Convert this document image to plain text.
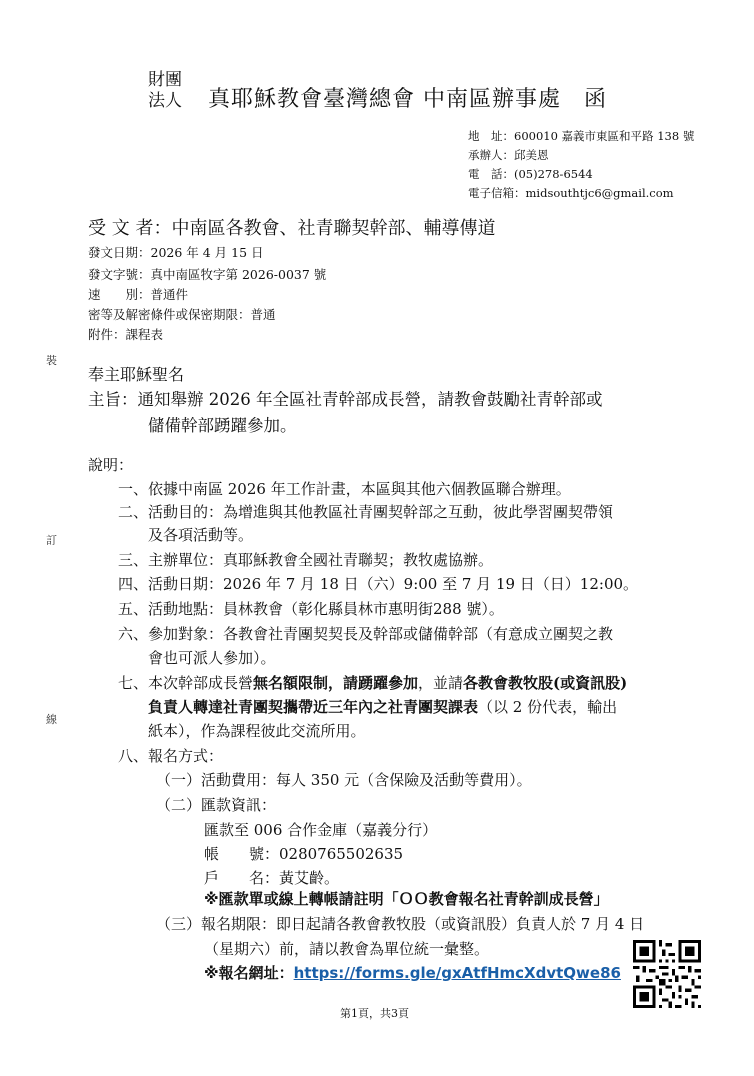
財團
法人 真耶穌教會臺灣總會 中南區辦事處　函
地　址：600010 嘉義市東區和平路 138 號
承辦人：邱美恩
電　話：(05)278-6544
電子信箱：midsouthtjc6@gmail.com
受 文 者：中南區各教會、社青聯契幹部、輔導傳道
發文日期：2026 年 4 月 15 日
發文字號：真中南區牧字第 2026-0037 號
速　　別：普通件
密等及解密條件或保密期限：普通
附件：課程表
裝
訂
線
奉主耶穌聖名
主旨：通知舉辦 2026 年全區社青幹部成長營，請教會鼓勵社青幹部或
儲備幹部踴躍參加。
說明：
一、依據中南區 2026 年工作計畫，本區與其他六個教區聯合辦理。
二、活動目的：為增進與其他教區社青團契幹部之互動，彼此學習團契帶領
及各項活動等。
三、主辦單位：真耶穌教會全國社青聯契；教牧處協辦。
四、活動日期：2026 年 7 月 18 日（六）9:00 至 7 月 19 日（日）12:00。
五、活動地點：員林教會（彰化縣員林市惠明街288 號）。
六、參加對象：各教會社青團契契長及幹部或儲備幹部（有意成立團契之教
會也可派人參加）。
七、本次幹部成長營無名額限制，請踴躍參加，並請各教會教牧股(或資訊股)
負責人轉達社青團契攜帶近三年內之社青團契課表（以 2 份代表，輸出
紙本），作為課程彼此交流所用。
八、報名方式：
（一）活動費用：每人 350 元（含保險及活動等費用）。
（二）匯款資訊：
匯款至 006 合作金庫（嘉義分行）
帳　　號：0280765502635
戶　　名：黃艾齡。
※匯款單或線上轉帳請註明「ＯＯ教會報名社青幹訓成長營」
（三）報名期限：即日起請各教會教牧股（或資訊股）負責人於 7 月 4 日
（星期六）前，請以教會為單位統一彙整。
※報名網址：https://forms.gle/gxAtfHmcXdvtQwe86
第1頁，共3頁
